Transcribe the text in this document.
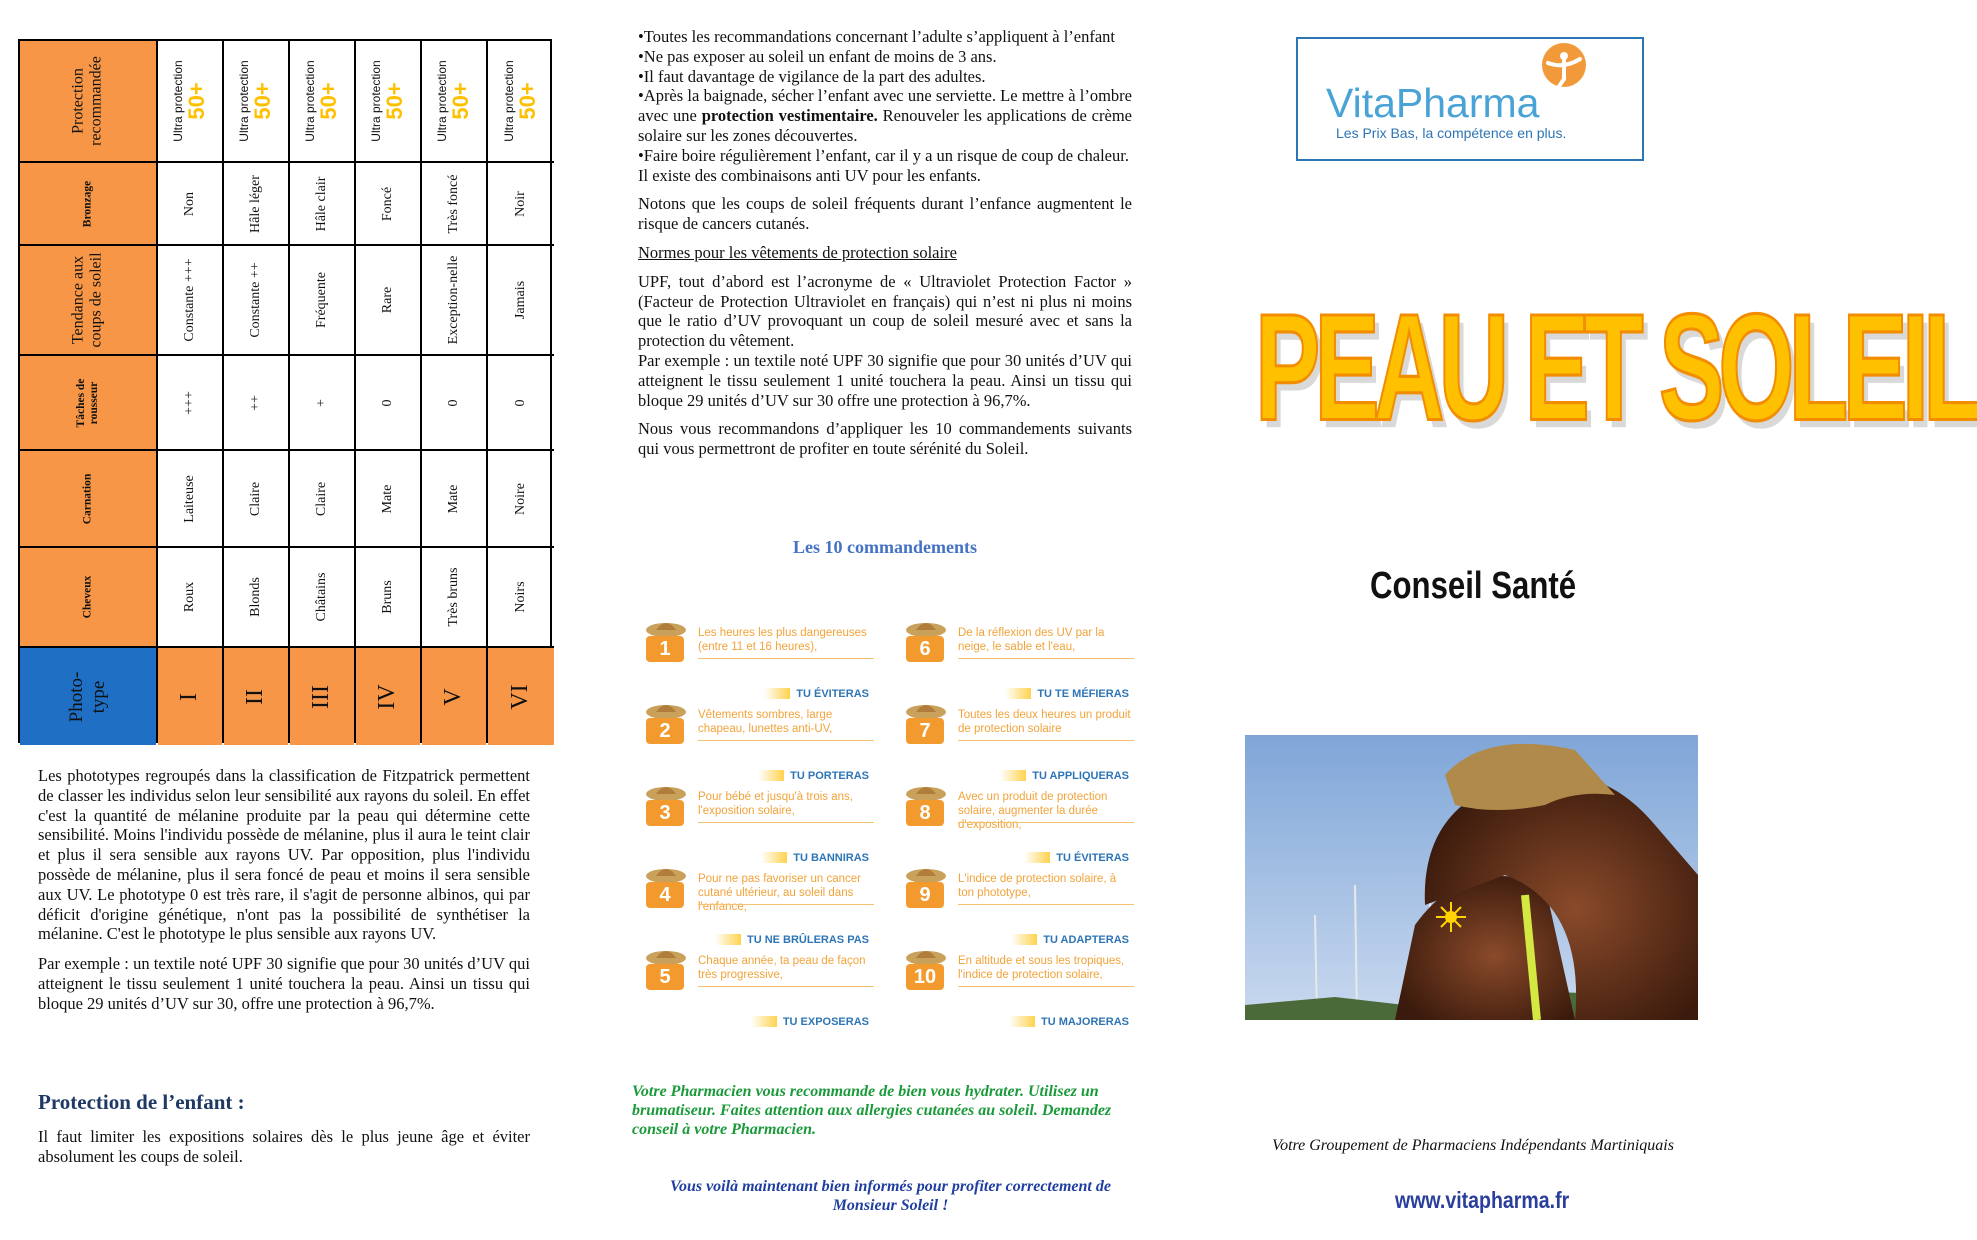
Protection recommandée
Bronzage
Tendance aux coups de soleil
Tâches de rousseur
Carnation
Cheveux
Photo-type
Ultra protection
50+
Non
Constante +++
+++
Laiteuse
Roux
I
Ultra protection
50+
Hâle léger
Constante ++
++
Claire
Blonds
II
Ultra protection
50+
Hâle clair
Fréquente
+
Claire
Châtains
III
Ultra protection
50+
Foncé
Rare
0
Mate
Bruns
IV
Ultra protection
50+
Très foncé
Exception-nelle
0
Mate
Très bruns
V
Ultra protection
50+
Noir
Jamais
0
Noire
Noirs
VI

Les phototypes regroupés dans la classification de Fitzpatrick permettent de classer les individus selon leur sensibilité aux rayons du soleil. En effet c'est la quantité de mélanine produite par la peau qui détermine cette sensibilité. Moins l'individu possède de mélanine, plus il aura le teint clair et plus il sera sensible aux rayons UV. Par opposition, plus l'individu possède de mélanine, plus il sera foncé de peau et moins il sera sensible aux UV. Le phototype 0 est très rare, il s'agit de personne albinos, qui par déficit d'origine génétique, n'ont pas la possibilité de synthétiser la mélanine. C'est le phototype le plus sensible aux rayons UV.

Par exemple : un textile noté UPF 30 signifie que pour 30 unités d’UV qui atteignent le tissu seulement 1 unité touchera la peau. Ainsi un tissu qui bloque 29 unités d’UV sur 30, offre une protection à 96,7%.

Protection de l’enfant :
Il faut limiter les expositions solaires dès le plus jeune âge et éviter absolument les coups de soleil.
•Toutes les recommandations concernant l’adulte s’appliquent à l’enfant
•Ne pas exposer au soleil un enfant de moins de 3 ans.
•Il faut davantage de vigilance de la part des adultes.
•Après la baignade, sécher l’enfant avec une serviette. Le mettre à l’ombre avec une protection vestimentaire. Renouveler les applications de crème solaire sur les zones découvertes.
•Faire boire régulièrement l’enfant, car il y a un risque de coup de chaleur.
Il existe des combinaisons anti UV pour les enfants.

Notons que les coups de soleil fréquents durant l’enfance augmentent le risque de cancers cutanés.

Normes pour les vêtements de protection solaire

UPF, tout d’abord est l’acronyme de « Ultraviolet Protection Factor » (Facteur de Protection Ultraviolet en français) qui n’est ni plus ni moins que le ratio d’UV provoquant un coup de soleil mesuré avec et sans la protection du vêtement.

Par exemple : un textile noté UPF 30 signifie que pour 30 unités d’UV qui atteignent le tissu seulement 1 unité touchera la peau. Ainsi un tissu qui bloque 29 unités d’UV sur 30 offre une protection à 96,7%.

Nous vous recommandons d’appliquer les 10 commandements suivants qui vous permettront de profiter en toute sérénité du Soleil.

Les 10 commandements
1
Les heures les plus dangereuses (entre 11 et 16 heures),
TU ÉVITERAS
2
Vêtements sombres, large chapeau, lunettes anti-UV,
TU PORTERAS
3
Pour bébé et jusqu'à trois ans, l'exposition solaire,
TU BANNIRAS
4
Pour ne pas favoriser un cancer cutané ultérieur, au soleil dans l'enfance,
TU NE BRÛLERAS PAS
5
Chaque année, ta peau de façon très progressive,
TU EXPOSERAS
6
De la réflexion des UV par la neige, le sable et l'eau,
TU TE MÉFIERAS
7
Toutes les deux heures un produit de protection solaire
TU APPLIQUERAS
8
Avec un produit de protection solaire, augmenter la durée d'exposition,
TU ÉVITERAS
9
L'indice de protection solaire, à ton phototype,
TU ADAPTERAS
10
En altitude et sous les tropiques, l'indice de protection solaire,
TU MAJORERAS
Votre Pharmacien vous recommande de bien vous hydrater. Utilisez un brumatiseur. Faites attention aux allergies cutanées au soleil. Demandez conseil à votre Pharmacien.
Vous voilà maintenant bien informés pour profiter correctement de Monsieur Soleil !
VitaPharma
Les Prix Bas, la compétence en plus.
PEAU ET SOLEIL
Conseil Santé
Votre Groupement de Pharmaciens Indépendants Martiniquais
www.vitapharma.fr
